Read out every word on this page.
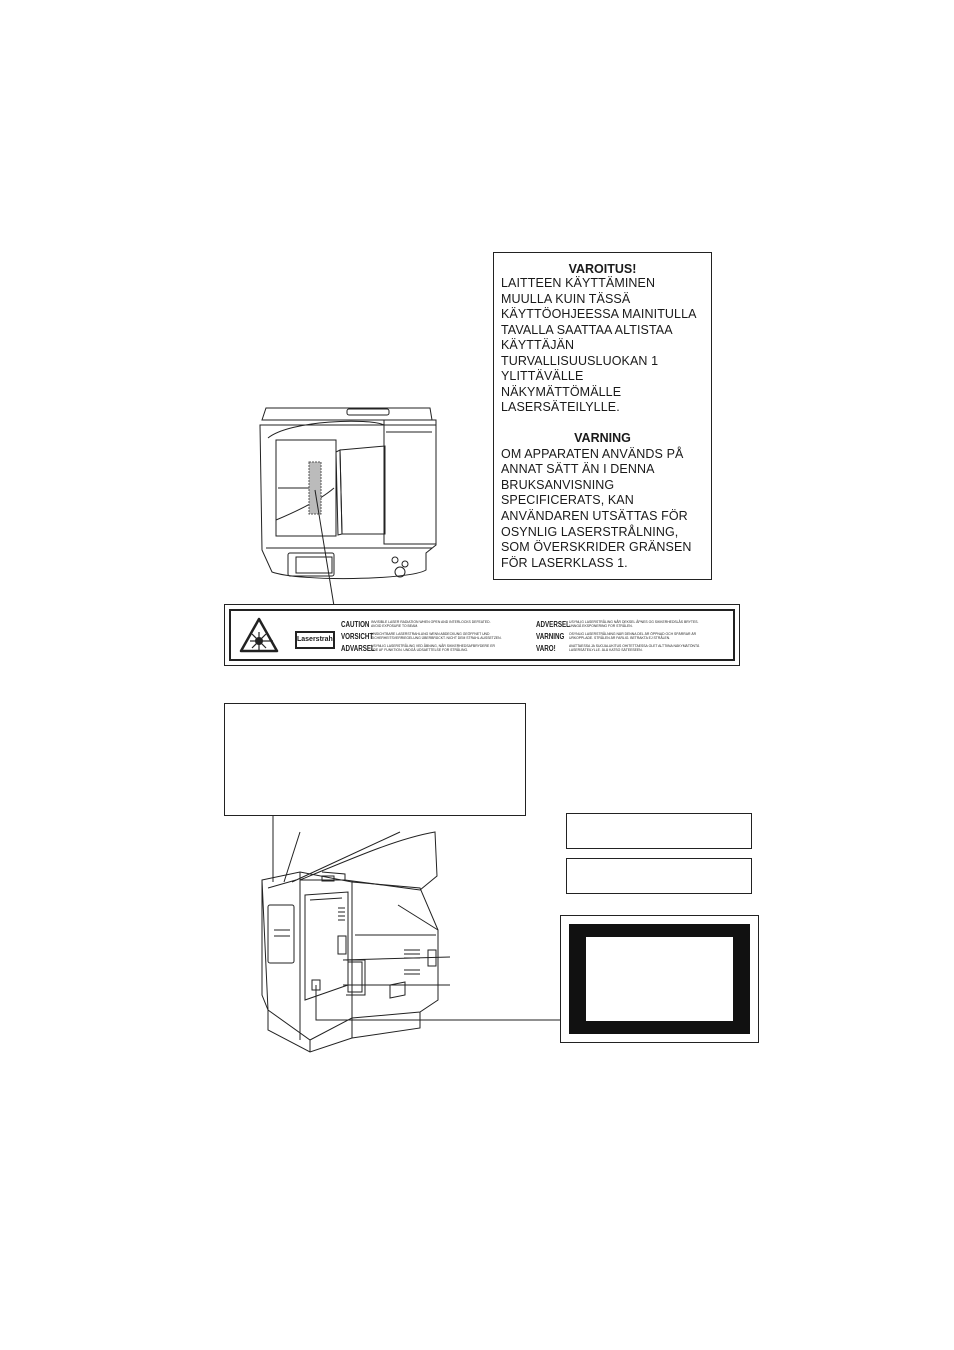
VAROITUS!
LAITTEEN KÄYTTÄMINEN
MUULLA KUIN TÄSSÄ
KÄYTTÖOHJEESSA MAINITULLA
TAVALLA SAATTAA ALTISTAA
KÄYTTÄJÄN
TURVALLISUUSLUOKAN 1
YLITTÄVÄLLE
NÄKYMÄTTÖMÄLLE
LASERSÄTEILYLLE.
VARNING
OM APPARATEN ANVÄNDS PÅ
ANNAT SÄTT ÄN I DENNA
BRUKSANVISNING
SPECIFICERATS, KAN
ANVÄNDAREN UTSÄTTAS FÖR
OSYNLIG LASERSTRÅLNING,
SOM ÖVERSKRIDER GRÄNSEN
FÖR LASERKLASS 1.
Laserstrahl
CAUTION INVISIBLE LASER RADIATION WHEN OPEN AND INTERLOCKS DEFEATED.
AVOID EXPOSURE TO BEAM.
VORSICHT
UNSICHTBARE LASERSTRAHLUNG WENN ABDECKUNG GEÖFFNET UND
SICHERHEITSVERRIEGELUNG ÜBERBRÜCKT. NICHT DEM STRAHL AUSSETZEN.
ADVARSEL
USYNLIG LASERSTRÅLING VED ÅBNING, NÅR SIKKERHEDSAFBRYDERE ER
UDE AF FUNKTION. UNDGÅ UDSAETTELSE FOR STRÅLING.
ADVERSEL USYNLIG LASERSTRÅLING NÅR DEKSEL ÅPNES OG SIKKERHEDSLÅS BRYTES.
UNNGÅ EKSPONERING FOR STRÅLEN.
VARNING OSYNLIG LASERSTRÅLNING NÄR DENNA DEL ÄR ÖPPNAD OCH SPÄRRAR ÄR
URKOPPLADE. STRÅLEN ÄR FARLIG. BETRAKTA EJ STRÅLEN.
VARO!	AVATTAESSA JA SUOJALUKITUS OHITETTAESSA OLET ALTTIINA NÄKYMÄTÖNTÄ
LASERSÄTEILYLLE. ÄLÄ KATSO SÄTEESEEN.
